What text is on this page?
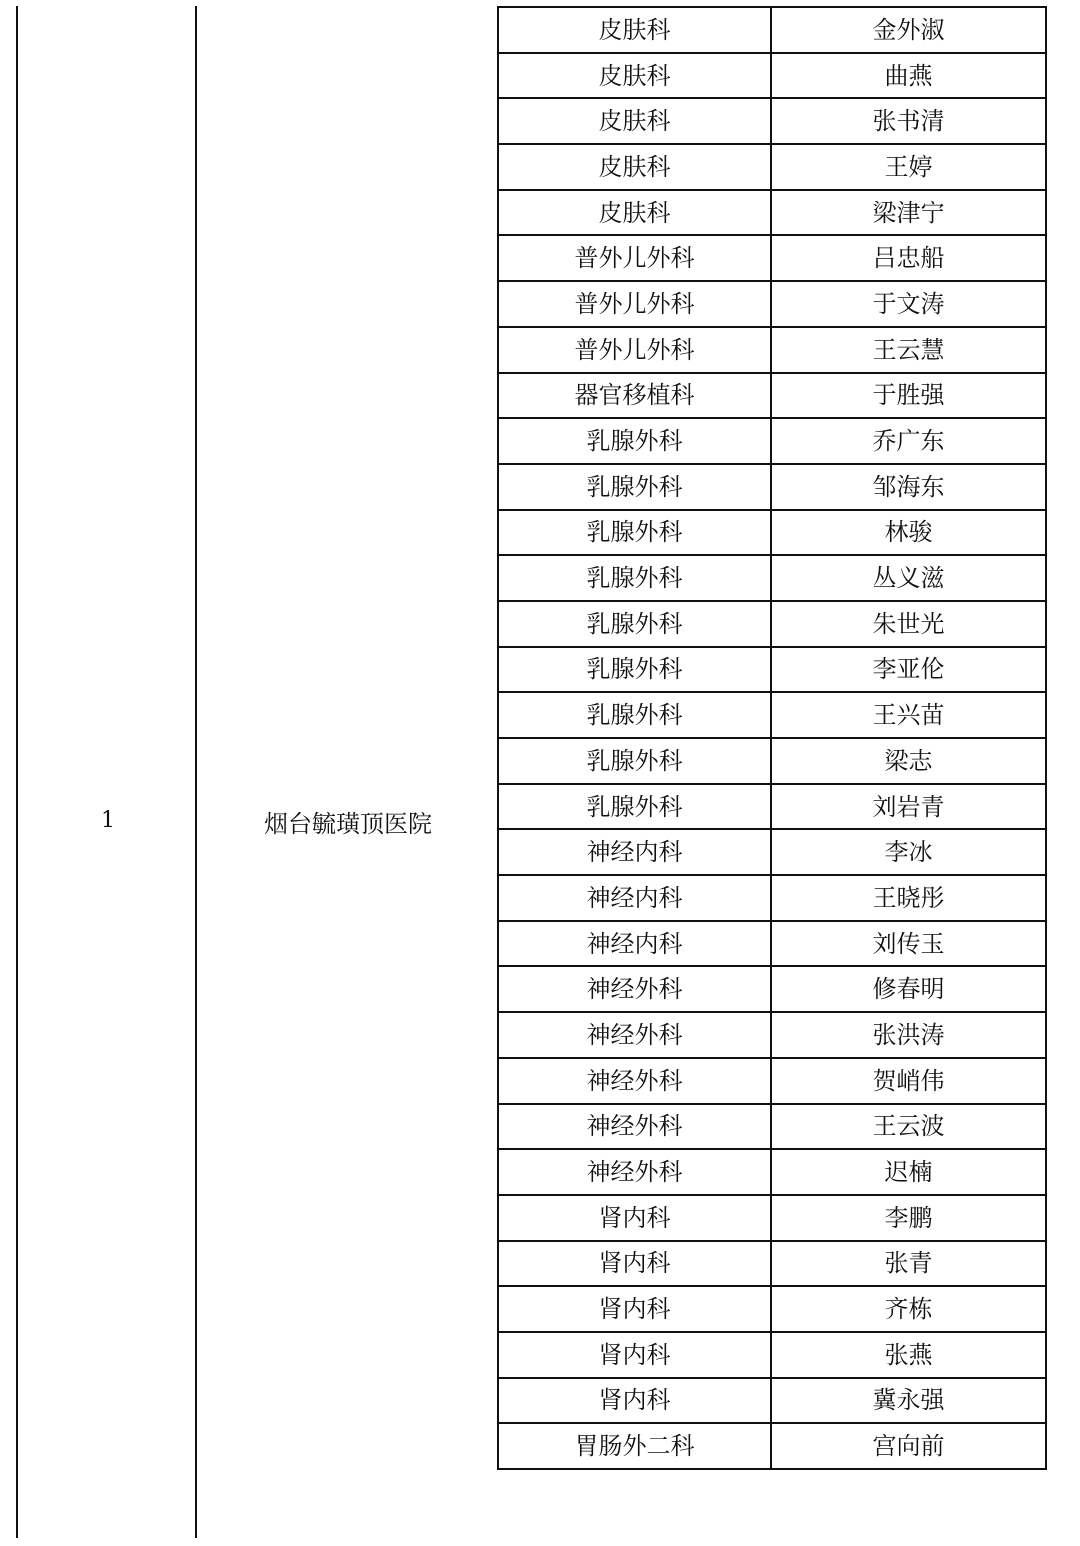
1	烟台毓璜顶医院
皮肤科	金外淑
皮肤科	曲燕
皮肤科	张书清
皮肤科	王婷
皮肤科	梁津宁
普外儿外科	吕忠船
普外儿外科	于文涛
普外儿外科	王云慧
器官移植科	于胜强
乳腺外科	乔广东
乳腺外科	邹海东
乳腺外科	林骏
乳腺外科	丛义滋
乳腺外科	朱世光
乳腺外科	李亚伦
乳腺外科	王兴苗
乳腺外科	梁志
乳腺外科	刘岩青
神经内科	李冰
神经内科	王晓彤
神经内科	刘传玉
神经外科	修春明
神经外科	张洪涛
神经外科	贺峭伟
神经外科	王云波
神经外科	迟楠
肾内科	李鹏
肾内科	张青
肾内科	齐栋
肾内科	张燕
肾内科	冀永强
胃肠外二科	宫向前
